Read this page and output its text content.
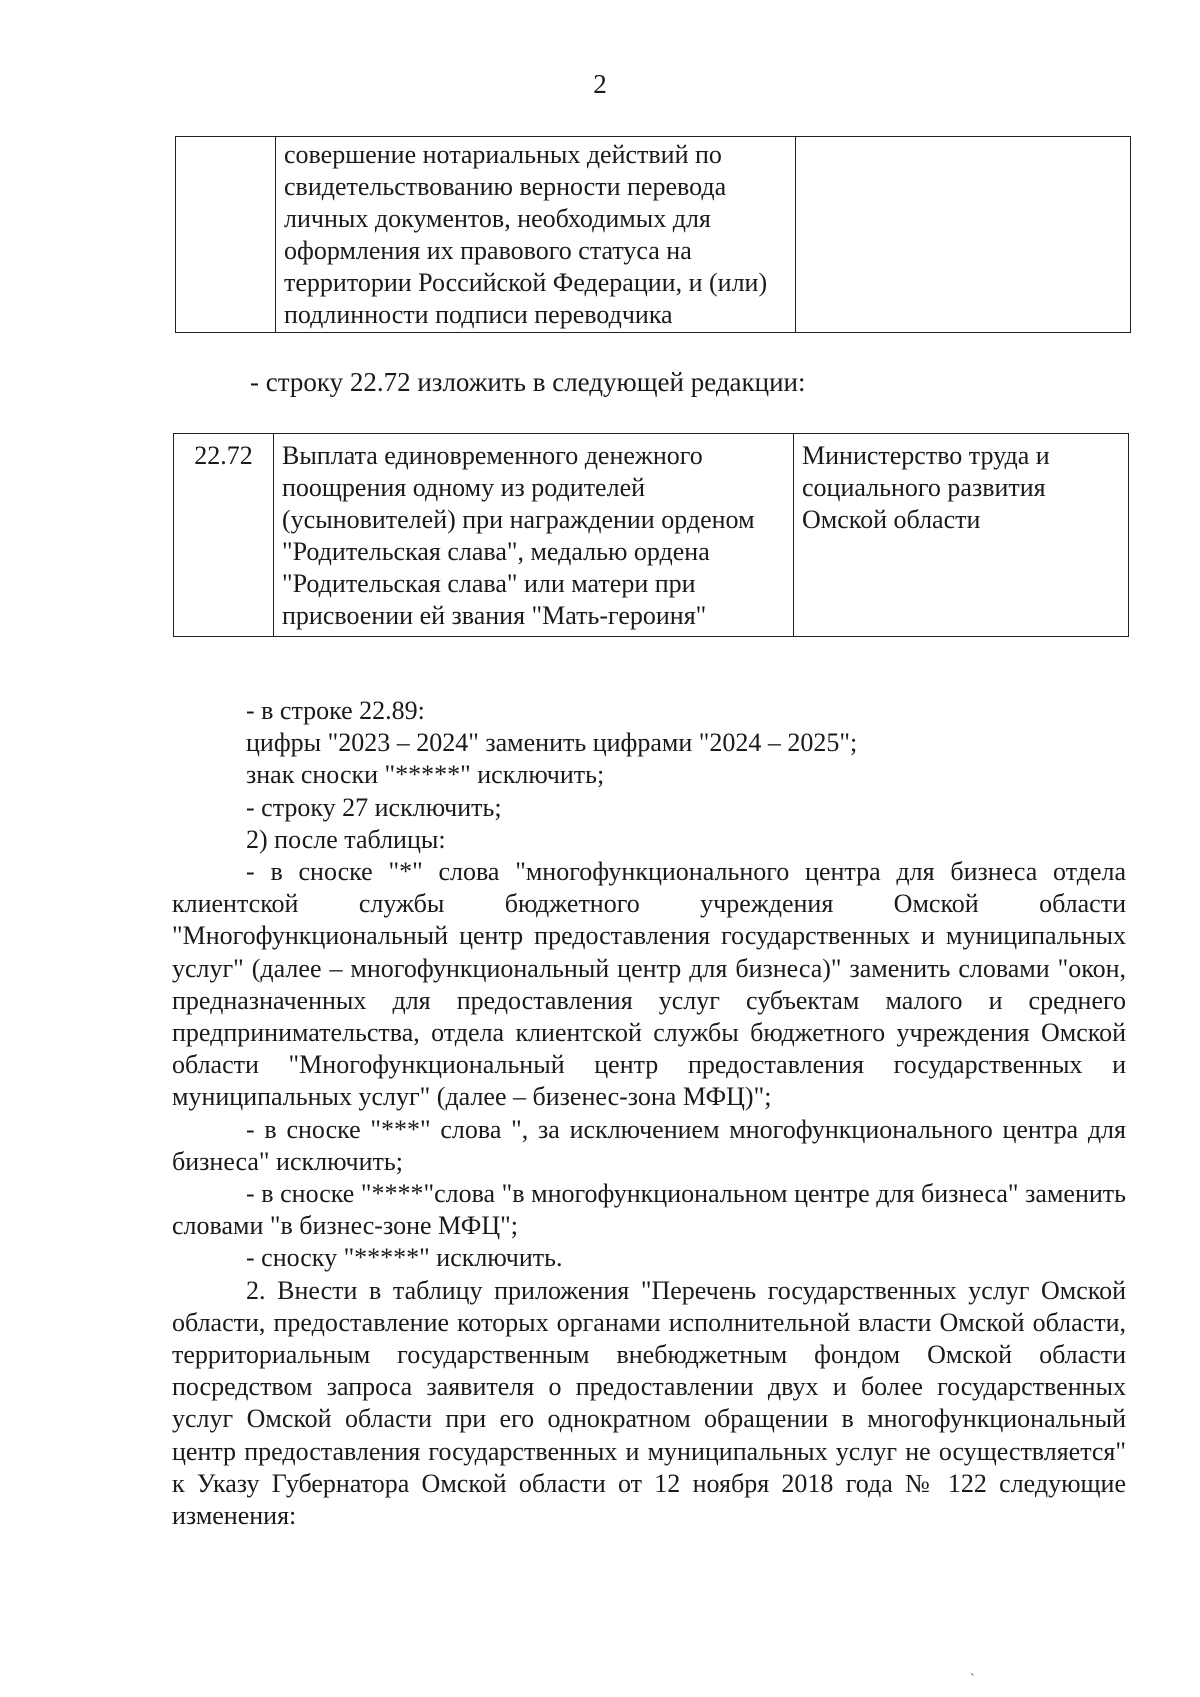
2
	совершение нотариальных действий по свидетельствованию верности перевода личных документов, необходимых для оформления их правового статуса на территории Российской Федерации, и (или) подлинности подписи переводчика	

- строку 22.72 изложить в следующей редакции:

22.72	Выплата единовременного денежного поощрения одному из родителей (усыновителей) при награждении орденом "Родительская слава", медалью ордена "Родительская слава" или матери при присвоении ей звания "Мать-героиня"	Министерство труда и социального развития Омской области

- в строке 22.89:

цифры "2023 – 2024" заменить цифрами "2024 – 2025";

знак сноски "*****" исключить;

- строку 27 исключить;

2) после таблицы:

- в сноске "*" слова "многофункционального центра для бизнеса отдела клиентской службы бюджетного учреждения Омской области "Многофункциональный центр предоставления государственных и муниципальных услуг" (далее – многофункциональный центр для бизнеса)" заменить словами "окон, предназначенных для предоставления услуг субъектам малого и среднего предпринимательства, отдела клиентской службы бюджетного учреждения Омской области "Многофункциональный центр предоставления государственных и муниципальных услуг" (далее – бизенес-зона МФЦ)";

- в сноске "***" слова ", за исключением многофункционального центра для бизнеса" исключить;

- в сноске "****"слова "в многофункциональном центре для бизнеса" заменить словами "в бизнес-зоне МФЦ";

- сноску "*****" исключить.

2. Внести в таблицу приложения "Перечень государственных услуг Омской области, предоставление которых органами исполнительной власти Омской области, территориальным государственным внебюджетным фондом Омской области посредством запроса заявителя о предоставлении двух и более государственных услуг Омской области при его однократном обращении в многофункциональный центр предоставления государственных и муниципальных услуг не осуществляется" к Указу Губернатора Омской области от 12 ноября 2018 года № 122 следующие изменения:

`
